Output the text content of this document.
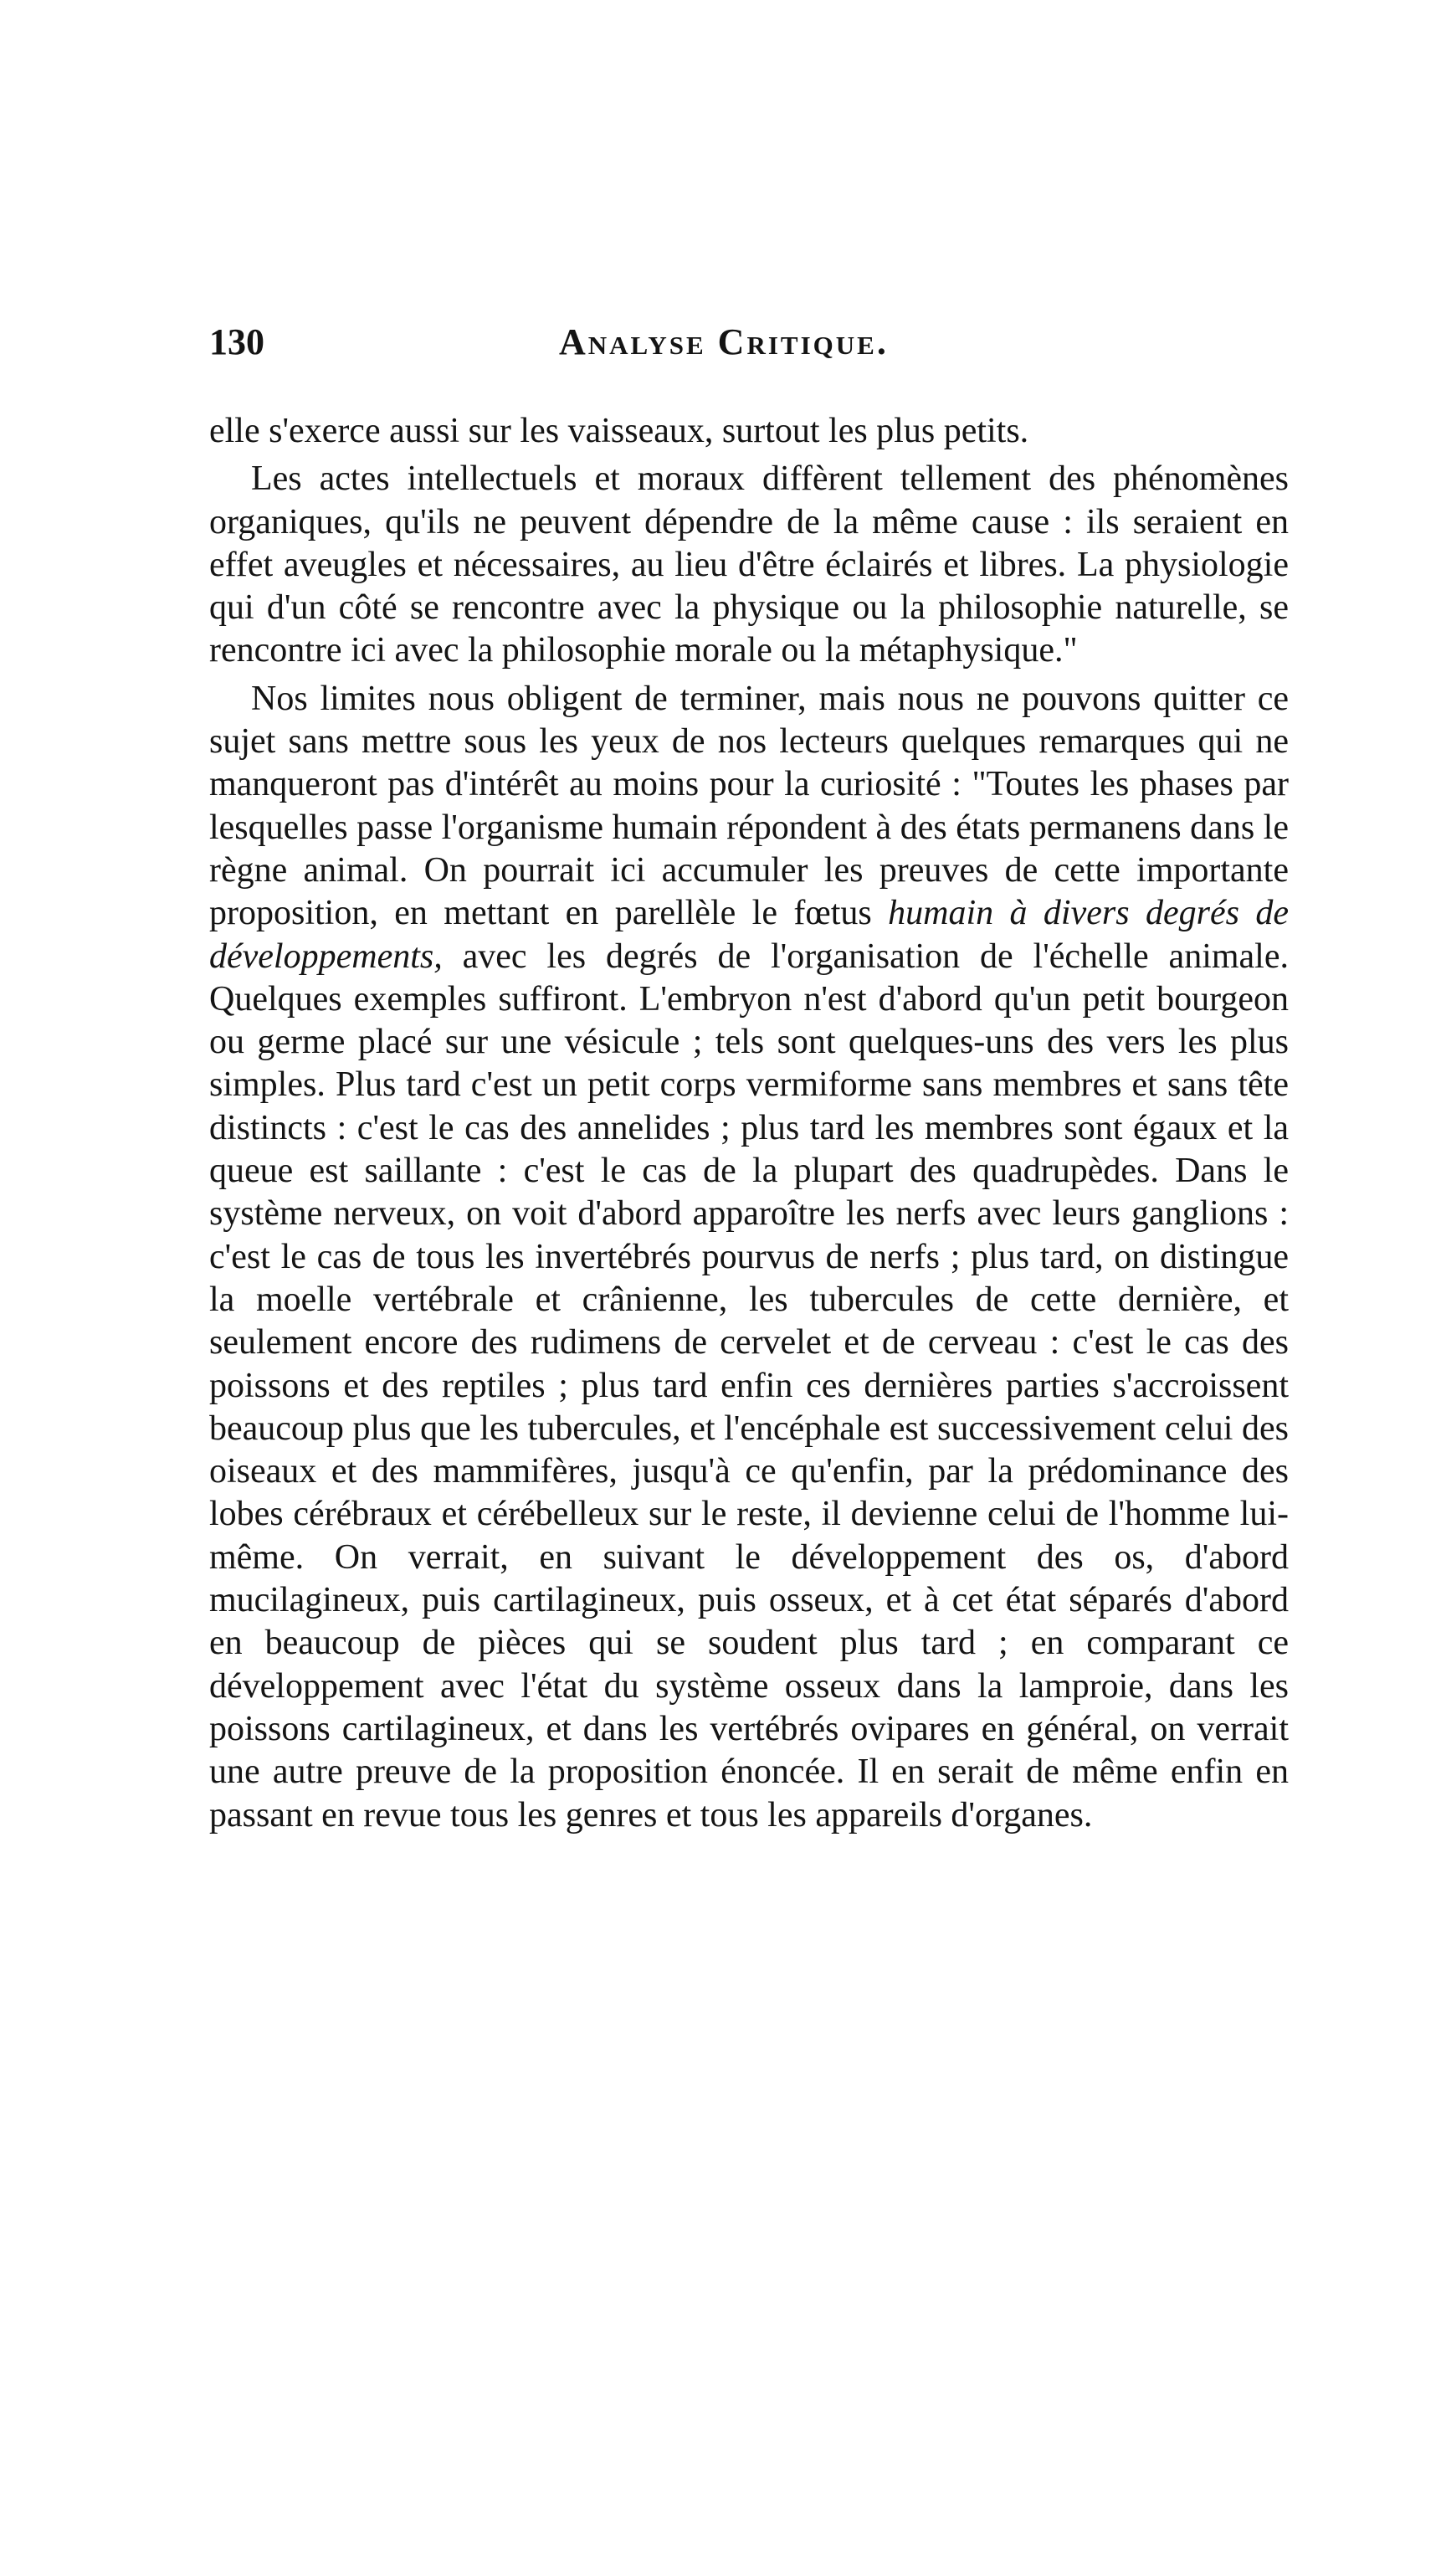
130	Analyse Critique.

elle s'exerce aussi sur les vaisseaux, surtout les plus petits.

Les actes intellectuels et moraux diffèrent tellement des phénomènes organiques, qu'ils ne peuvent dépendre de la même cause : ils seraient en effet aveugles et nécessaires, au lieu d'être éclairés et libres. La physiologie qui d'un côté se rencontre avec la physique ou la philosophie naturelle, se rencontre ici avec la philosophie morale ou la métaphysique."

Nos limites nous obligent de terminer, mais nous ne pouvons quitter ce sujet sans mettre sous les yeux de nos lecteurs quelques remarques qui ne manqueront pas d'intérêt au moins pour la curiosité : "Toutes les phases par lesquelles passe l'organisme humain répondent à des états permanens dans le règne animal. On pourrait ici accumuler les preuves de cette importante proposition, en mettant en parellèle le fœtus humain à divers degrés de développements, avec les degrés de l'organisation de l'échelle animale. Quelques exemples suffiront. L'embryon n'est d'abord qu'un petit bourgeon ou germe placé sur une vésicule ; tels sont quelques-uns des vers les plus simples. Plus tard c'est un petit corps vermiforme sans membres et sans tête distincts : c'est le cas des annelides ; plus tard les membres sont égaux et la queue est saillante : c'est le cas de la plupart des quadrupèdes. Dans le système nerveux, on voit d'abord apparoître les nerfs avec leurs ganglions : c'est le cas de tous les invertébrés pourvus de nerfs ; plus tard, on distingue la moelle vertébrale et crânienne, les tubercules de cette dernière, et seulement encore des rudimens de cervelet et de cerveau : c'est le cas des poissons et des reptiles ; plus tard enfin ces dernières parties s'accroissent beaucoup plus que les tubercules, et l'encéphale est successivement celui des oiseaux et des mammifères, jusqu'à ce qu'enfin, par la prédominance des lobes cérébraux et cérébelleux sur le reste, il devienne celui de l'homme lui-même. On verrait, en suivant le développement des os, d'abord mucilagineux, puis cartilagineux, puis osseux, et à cet état séparés d'abord en beaucoup de pièces qui se soudent plus tard ; en comparant ce développement avec l'état du système osseux dans la lamproie, dans les poissons cartilagineux, et dans les vertébrés ovipares en général, on verrait une autre preuve de la proposition énoncée. Il en serait de même enfin en passant en revue tous les genres et tous les appareils d'organes.
